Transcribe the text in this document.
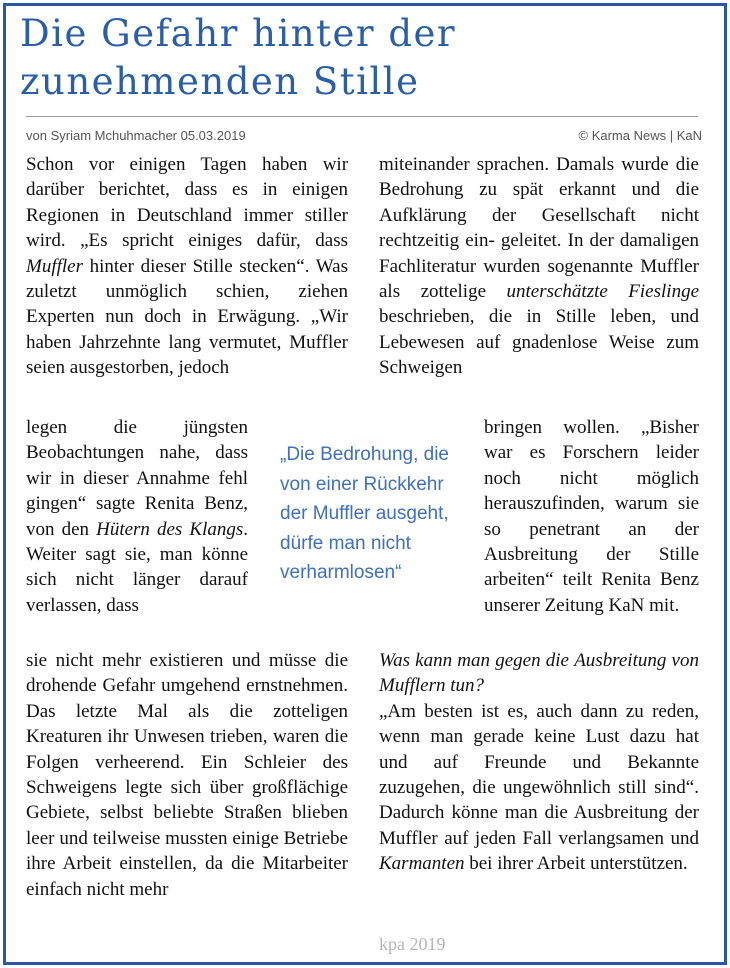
Die Gefahr hinter der
zunehmenden Stille
von Syriam Mchuhmacher 05.03.2019	© Karma News | KaN

Schon vor einigen Tagen haben wir darüber berichtet, dass es in einigen Regionen in Deutschland immer stiller wird. „Es spricht einiges dafür, dass Muffler hinter dieser Stille stecken“. Was zuletzt unmöglich schien, ziehen Experten nun doch in Erwägung. „Wir haben Jahrzehnte lang vermutet, Muffler seien ausgestorben, jedoch

legen die jüngsten Beobachtungen nahe, dass wir in dieser Annahme fehl gingen“ sagte Renita Benz, von den Hütern des Klangs. Weiter sagt sie, man könne sich nicht länger darauf verlassen, dass

sie nicht mehr existieren und müsse die drohende Gefahr umgehend ernstnehmen. Das letzte Mal als die zotteligen Kreaturen ihr Unwesen trieben, waren die Folgen verheerend. Ein Schleier des Schweigens legte sich über großflächige Gebiete, selbst beliebte Straßen blieben leer und teilweise mussten einige Betriebe ihre Arbeit einstellen, da die Mitarbeiter einfach nicht mehr

miteinander sprachen. Damals wurde die Bedrohung zu spät erkannt und die Aufklärung der Gesellschaft nicht rechtzeitig ein- geleitet. In der damaligen Fachliteratur wurden sogenannte Muffler als zottelige unterschätzte Fieslinge beschrieben, die in Stille leben, und Lebewesen auf gnadenlose Weise zum Schweigen

bringen wollen. „Bisher war es Forschern leider noch nicht möglich herauszufinden, warum sie so penetrant an der Ausbreitung der Stille arbeiten“ teilt Renita Benz unserer Zeitung KaN mit.

Was kann man gegen die Ausbreitung von Mufflern tun?

„Am besten ist es, auch dann zu reden, wenn man gerade keine Lust dazu hat und auf Freunde und Bekannte zuzugehen, die ungewöhnlich still sind“. Dadurch könne man die Ausbreitung der Muffler auf jeden Fall verlangsamen und Karmanten bei ihrer Arbeit unterstützen.

„Die Bedrohung, die von einer Rückkehr der Muffler ausgeht, dürfe man nicht verharmlosen“

kpa 2019
